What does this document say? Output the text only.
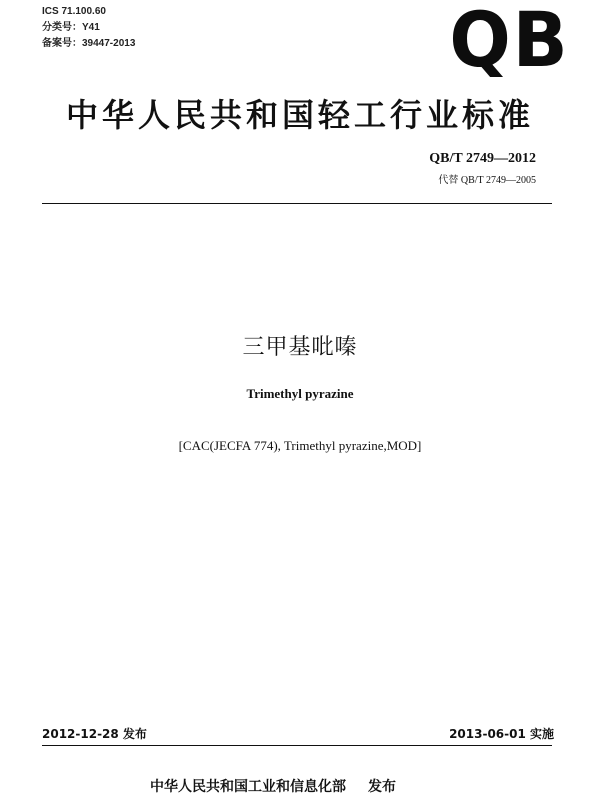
ICS 71.100.60
分类号：Y41
备案号：39447-2013	QB
中华人民共和国轻工行业标准
QB/T 2749—2012
代替 QB/T 2749—2005
三甲基吡嗪
Trimethyl pyrazine
[CAC(JECFA 774), Trimethyl pyrazine,MOD]
2012-12-28 发布	2013-06-01 实施
中华人民共和国工业和信息化部 发布
